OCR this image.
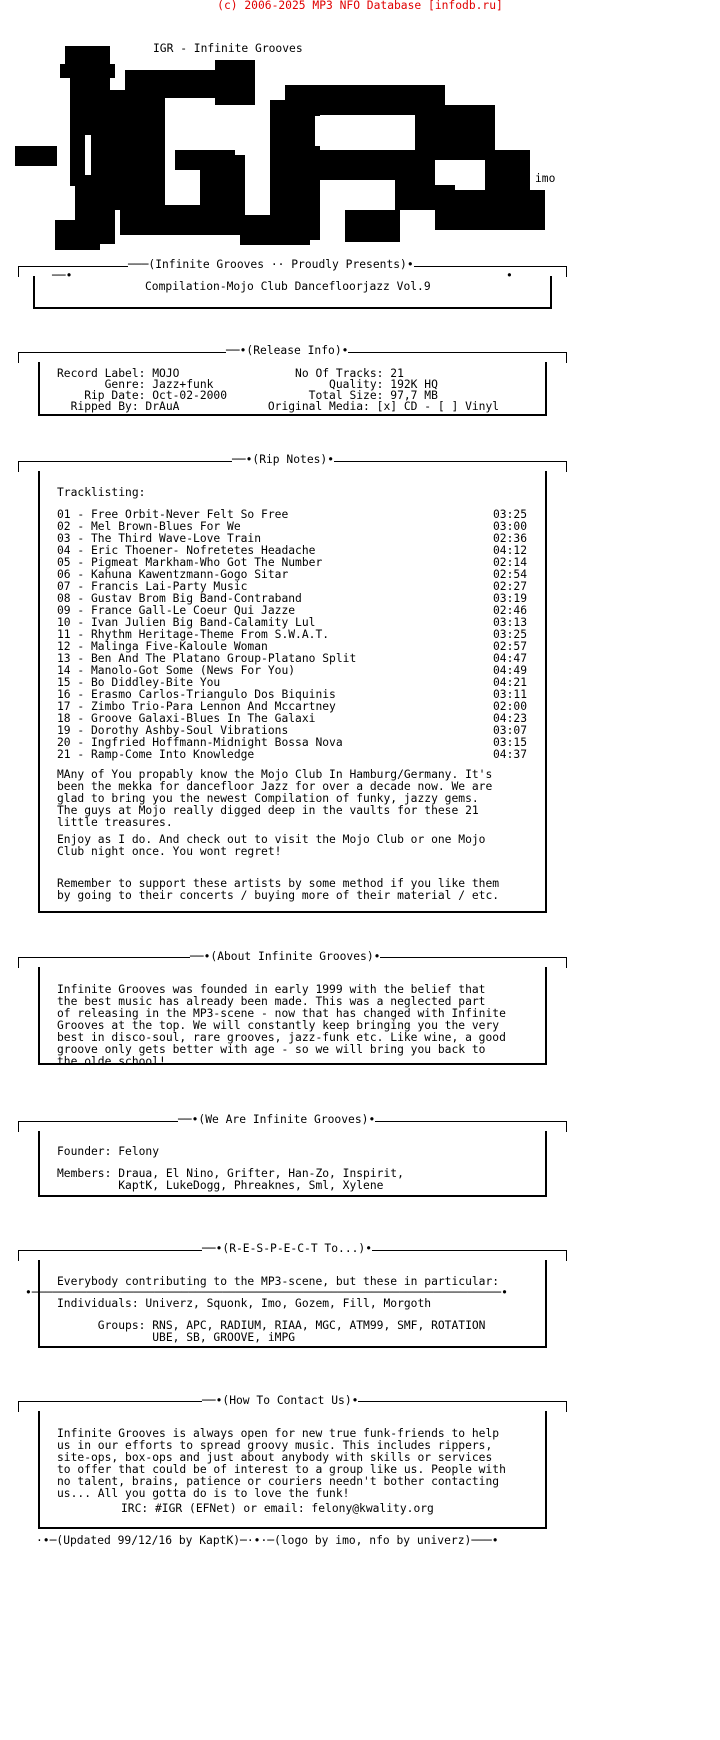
(c) 2006-2025 MP3 NFO Database [infodb.ru]
IGR - Infinite Grooves
imo
───(Infinite Grooves ·· Proudly Presents)•
──•	•
Compilation-Mojo Club Dancefloorjazz Vol.9
──•(Release Info)•
Record Label: MOJO                 No Of Tracks: 21
Genre: Jazz+funk                 Quality: 192K HQ
Rip Date: Oct-02-2000            Total Size: 97,7 MB
Ripped By: DrAuA             Original Media: [x] CD - [ ] Vinyl
──•(Rip Notes)•
Tracklisting:
01 - Free Orbit-Never Felt So Free	03:25
02 - Mel Brown-Blues For We	03:00
03 - The Third Wave-Love Train	02:36
04 - Eric Thoener- Nofretetes Headache	04:12
05 - Pigmeat Markham-Who Got The Number	02:14
06 - Kahuna Kawentzmann-Gogo Sitar	02:54
07 - Francis Lai-Party Music	02:27
08 - Gustav Brom Big Band-Contraband	03:19
09 - France Gall-Le Coeur Qui Jazze	02:46
10 - Ivan Julien Big Band-Calamity Lul	03:13
11 - Rhythm Heritage-Theme From S.W.A.T.	03:25
12 - Malinga Five-Kaloule Woman	02:57
13 - Ben And The Platano Group-Platano Split	04:47
14 - Manolo-Got Some (News For You)	04:49
15 - Bo Diddley-Bite You	04:21
16 - Erasmo Carlos-Triangulo Dos Biquinis	03:11
17 - Zimbo Trio-Para Lennon And Mccartney	02:00
18 - Groove Galaxi-Blues In The Galaxi	04:23
19 - Dorothy Ashby-Soul Vibrations	03:07
20 - Ingfried Hoffmann-Midnight Bossa Nova	03:15
21 - Ramp-Come Into Knowledge	04:37
MAny of You propably know the Mojo Club In Hamburg/Germany. It's
been the mekka for dancefloor Jazz for over a decade now. We are
glad to bring you the newest Compilation of funky, jazzy gems.
The guys at Mojo really digged deep in the vaults for these 21
little treasures.
Enjoy as I do. And check out to visit the Mojo Club or one Mojo
Club night once. You wont regret!
Remember to support these artists by some method if you like them
by going to their concerts / buying more of their material / etc.
──•(About Infinite Grooves)•
Infinite Grooves was founded in early 1999 with the belief that
the best music has already been made. This was a neglected part
of releasing in the MP3-scene - now that has changed with Infinite
Grooves at the top. We will constantly keep bringing you the very
best in disco-soul, rare grooves, jazz-funk etc. Like wine, a good
groove only gets better with age - so we will bring you back to
the olde school!
──•(We Are Infinite Grooves)•
Founder: Felony
Members: Draua, El Nino, Grifter, Han-Zo, Inspirit,
KaptK, LukeDogg, Phreaknes, Sml, Xylene
──•(R-E-S-P-E-C-T To...)•
Everybody contributing to the MP3-scene, but these in particular:
•─────────────────────────────────────────────────────────────────────•
Individuals: Univerz, Squonk, Imo, Gozem, Fill, Morgoth
Groups: RNS, APC, RADIUM, RIAA, MGC, ATM99, SMF, ROTATION
UBE, SB, GROOVE, iMPG
──•(How To Contact Us)•
Infinite Grooves is always open for new true funk-friends to help
us in our efforts to spread groovy music. This includes rippers,
site-ops, box-ops and just about anybody with skills or services
to offer that could be of interest to a group like us. People with
no talent, brains, patience or couriers needn't bother contacting
us... All you gotta do is to love the funk!
IRC: #IGR (EFNet) or email: felony@kwality.org
·•─(Updated 99/12/16 by KaptK)─·•·─(logo by imo, nfo by univerz)───•
